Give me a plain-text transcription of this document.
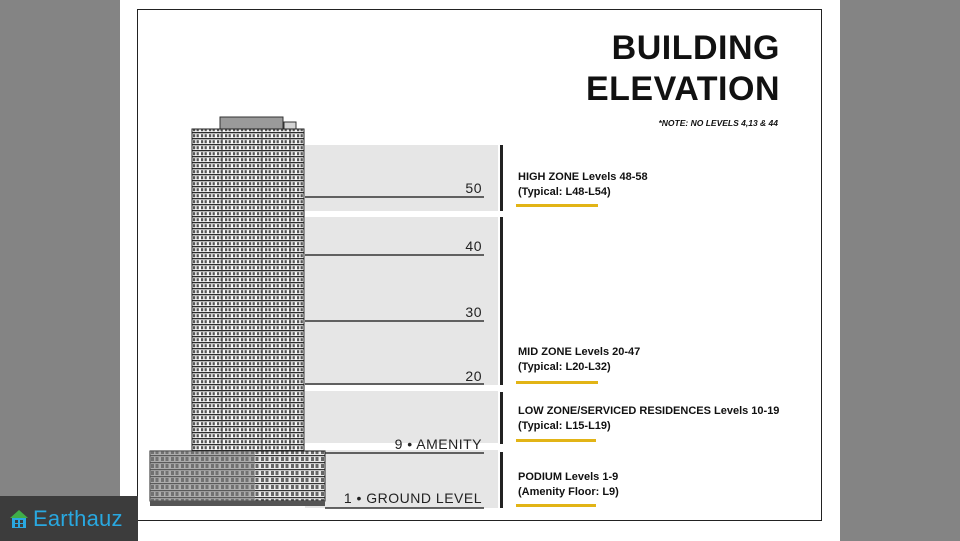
BUILDING
ELEVATION
*NOTE: NO LEVELS 4,13 & 44
50
40
30
20
9 • AMENITY
1 • GROUND LEVEL
HIGH ZONE Levels 48-58
(Typical: L48-L54)
MID ZONE Levels 20-47
(Typical: L20-L32)
LOW ZONE/SERVICED RESIDENCES Levels 10-19
(Typical: L15-L19)
PODIUM Levels 1-9
(Amenity Floor: L9)
Earthauz
